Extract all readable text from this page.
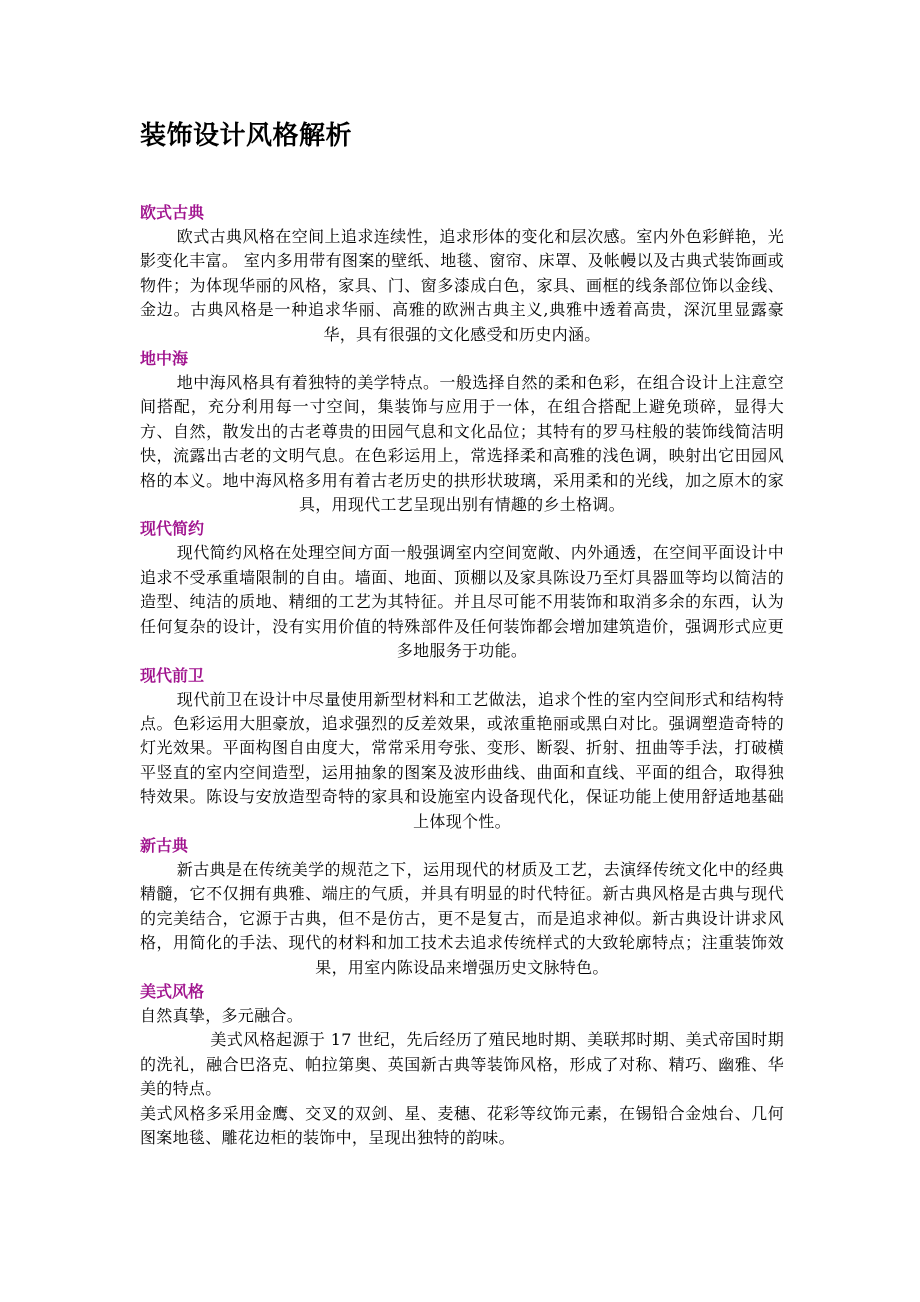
装饰设计风格解析
欧式古典

欧式古典风格在空间上追求连续性，追求形体的变化和层次感。室内外色彩鲜艳，光影变化丰富。 室内多用带有图案的壁纸、地毯、窗帘、床罩、及帐幔以及古典式装饰画或物件；为体现华丽的风格，家具、门、窗多漆成白色，家具、画框的线条部位饰以金线、金边。古典风格是一种追求华丽、高雅的欧洲古典主义,典雅中透着高贵，深沉里显露豪华，具有很强的文化感受和历史内涵。

地中海

地中海风格具有着独特的美学特点。一般选择自然的柔和色彩，在组合设计上注意空间搭配，充分利用每一寸空间，集装饰与应用于一体，在组合搭配上避免琐碎，显得大方、自然，散发出的古老尊贵的田园气息和文化品位；其特有的罗马柱般的装饰线简洁明快，流露出古老的文明气息。在色彩运用上，常选择柔和高雅的浅色调，映射出它田园风格的本义。地中海风格多用有着古老历史的拱形状玻璃，采用柔和的光线，加之原木的家具，用现代工艺呈现出别有情趣的乡土格调。

现代简约

现代简约风格在处理空间方面一般强调室内空间宽敞、内外通透，在空间平面设计中追求不受承重墙限制的自由。墙面、地面、顶棚以及家具陈设乃至灯具器皿等均以简洁的造型、纯洁的质地、精细的工艺为其特征。并且尽可能不用装饰和取消多余的东西，认为任何复杂的设计，没有实用价值的特殊部件及任何装饰都会增加建筑造价，强调形式应更多地服务于功能。

现代前卫

现代前卫在设计中尽量使用新型材料和工艺做法，追求个性的室内空间形式和结构特点。色彩运用大胆豪放，追求强烈的反差效果，或浓重艳丽或黑白对比。强调塑造奇特的灯光效果。平面构图自由度大，常常采用夸张、变形、断裂、折射、扭曲等手法，打破横平竖直的室内空间造型，运用抽象的图案及波形曲线、曲面和直线、平面的组合，取得独特效果。陈设与安放造型奇特的家具和设施室内设备现代化，保证功能上使用舒适地基础上体现个性。

新古典

新古典是在传统美学的规范之下，运用现代的材质及工艺，去演绎传统文化中的经典精髓，它不仅拥有典雅、端庄的气质，并具有明显的时代特征。新古典风格是古典与现代的完美结合，它源于古典，但不是仿古，更不是复古，而是追求神似。新古典设计讲求风格，用简化的手法、现代的材料和加工技术去追求传统样式的大致轮廓特点；注重装饰效果，用室内陈设品来增强历史文脉特色。

美式风格

自然真挚，多元融合。

美式风格起源于 17 世纪，先后经历了殖民地时期、美联邦时期、美式帝国时期的洗礼，融合巴洛克、帕拉第奥、英国新古典等装饰风格，形成了对称、精巧、幽雅、华美的特点。

美式风格多采用金鹰、交叉的双剑、星、麦穗、花彩等纹饰元素，在锡铅合金烛台、几何图案地毯、雕花边柜的装饰中，呈现出独特的韵味。
